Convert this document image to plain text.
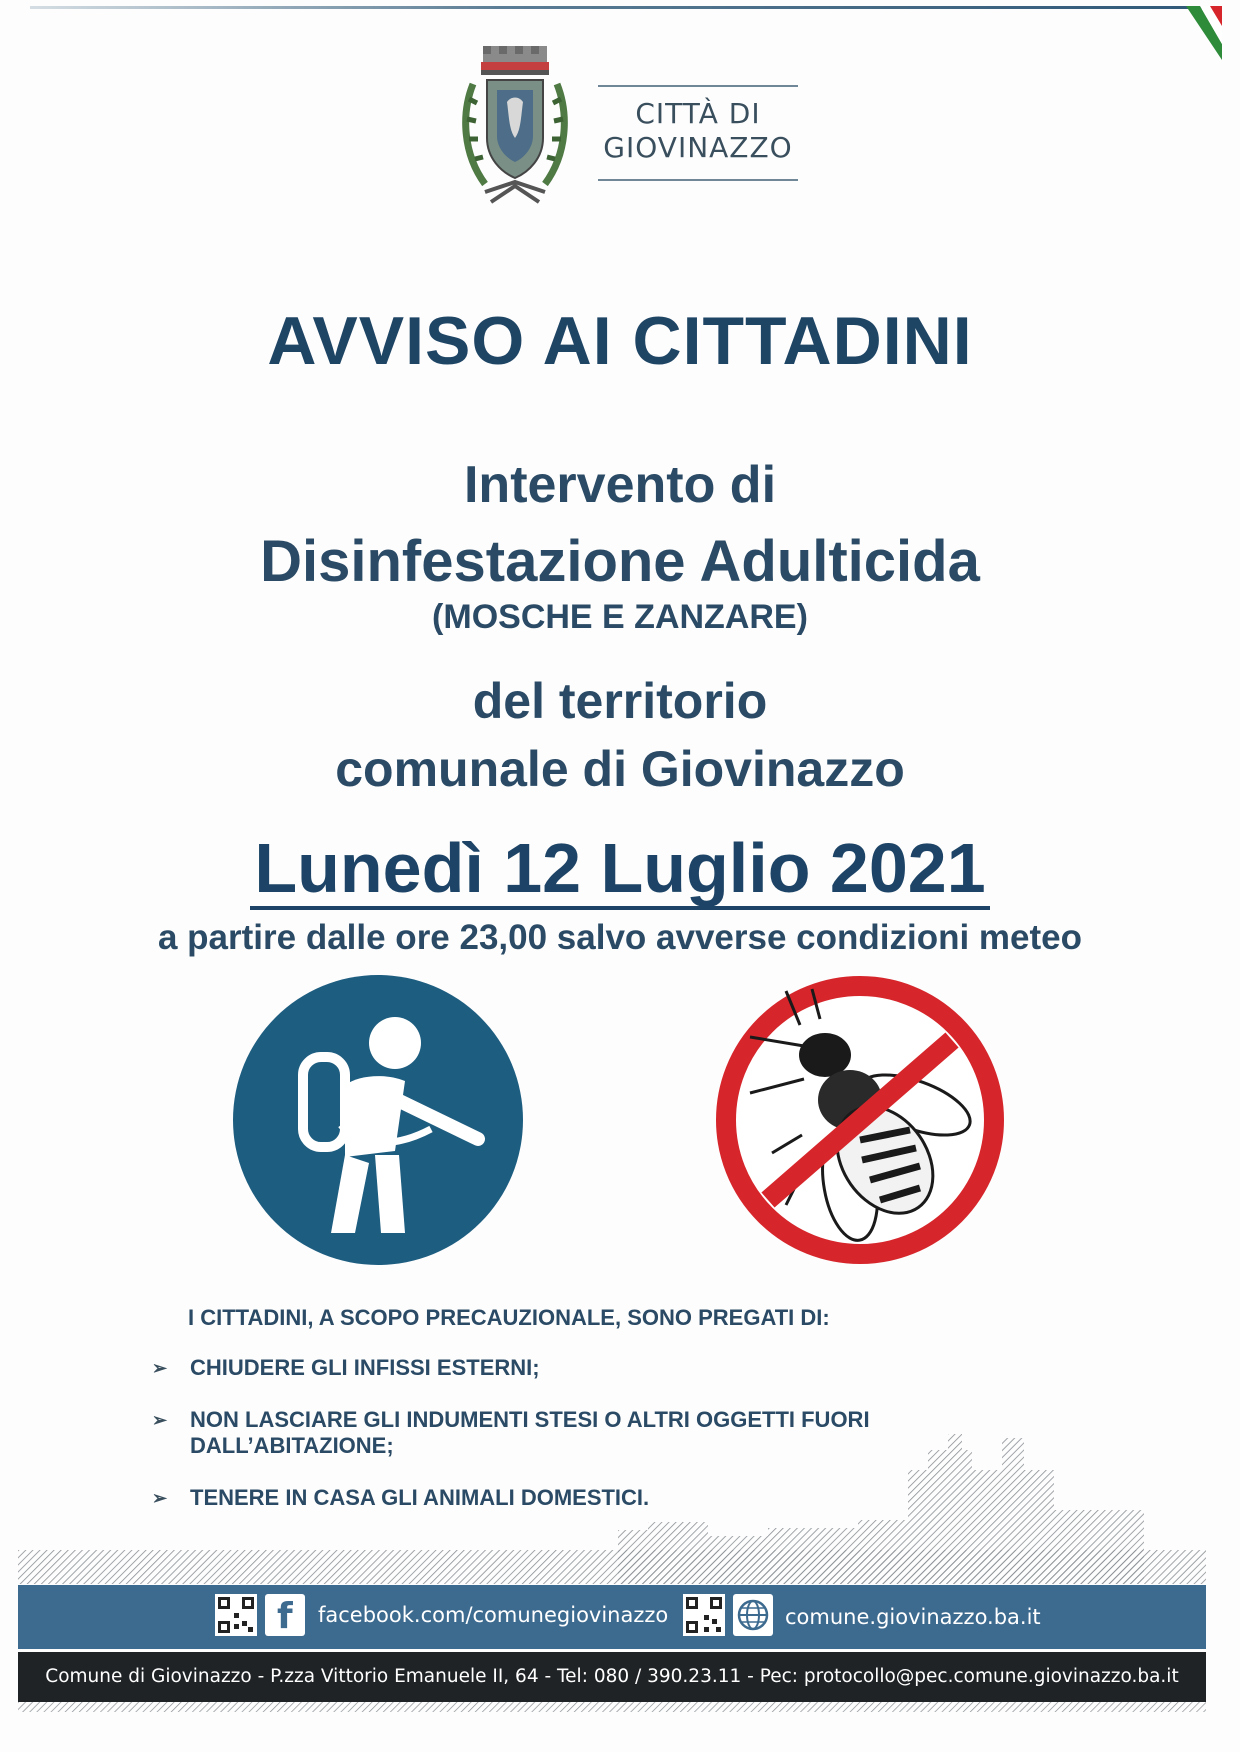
CITTÀ DI
GIOVINAZZO
AVVISO AI CITTADINI
Intervento di
Disinfestazione Adulticida
(MOSCHE E ZANZARE)
del territorio
comunale di Giovinazzo
Lunedì 12 Luglio 2021
a partire dalle ore 23,00 salvo avverse condizioni meteo
I CITTADINI, A SCOPO PRECAUZIONALE, SONO PREGATI DI:
➢ CHIUDERE GLI INFISSI ESTERNI;
➢ NON LASCIARE GLI INDUMENTI STESI O ALTRI OGGETTI FUORI
DALL’ABITAZIONE;
➢ TENERE IN CASA GLI ANIMALI DOMESTICI.
f facebook.com/comunegiovinazzo	comune.giovinazzo.ba.it
Comune di Giovinazzo - P.zza Vittorio Emanuele II, 64 - Tel: 080 / 390.23.11 - Pec: protocollo@pec.comune.giovinazzo.ba.it
